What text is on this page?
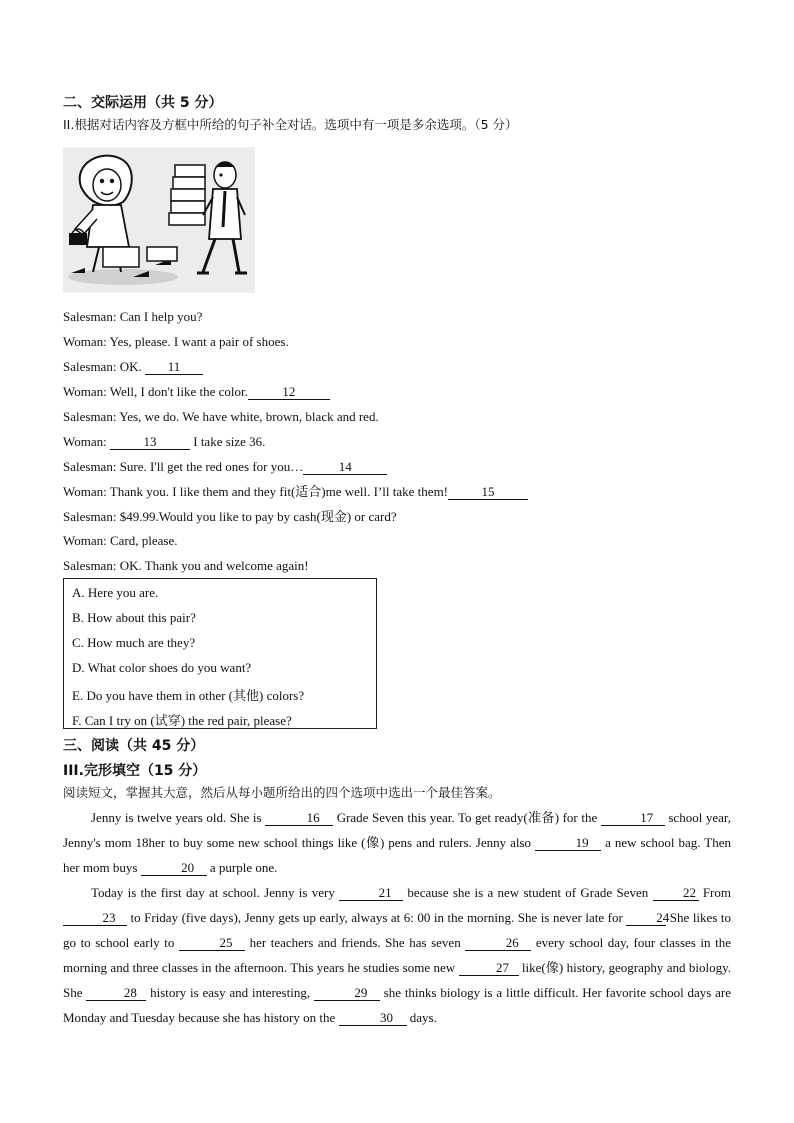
二、交际运用（共 5 分）
II.根据对话内容及方框中所给的句子补全对话。选项中有一项是多余选项。（5 分）
Salesman: Can I help you?
Woman: Yes, please. I want a pair of shoes.
Salesman: OK. 11
Woman: Well, I don't like the color.	12
Salesman: Yes, we do. We have white, brown, black and red.
Woman:	13	I take size 36.
Salesman: Sure. I'll get the red ones for you…	14
Woman: Thank you. I like them and they fit(适合)me well. I’ll take them!	15
Salesman: $49.99.Would you like to pay by cash(现金) or card?
Woman: Card, please.
Salesman: OK. Thank you and welcome again!
A. Here you are.
B. How about this pair?
C. How much are they?
D. What color shoes do you want?
E. Do you have them in other (其他) colors?
F. Can I try on (试穿) the red pair, please?
三、阅读（共 45 分）
III.完形填空（15 分）
阅读短文，掌握其大意，然后从每小题所给出的四个选项中选出一个最佳答案。
Jenny is twelve years old. She is	16 Grade Seven this year. To get ready(准备) for the	17 school year, Jenny's mom 18her to buy some new school things like (像) pens and rulers. Jenny also	19 a new school bag. Then her mom buys	20 a purple one.
Today is the first day at school. Jenny is very	21 because she is a new student of Grade Seven 22 From 23 to Friday (five days), Jenny gets up early, always at 6: 00 in the morning. She is never late for 24 She likes to go to school early to	25 her teachers and friends. She has seven	26 every school day, four classes in the morning and three classes in the afternoon. This years he studies some new	27 like(像) history, geography and biology. She	28 history is easy and interesting,	29 she thinks biology is a little difficult. Her favorite school days are Monday and Tuesday because she has history on the	30 days.
